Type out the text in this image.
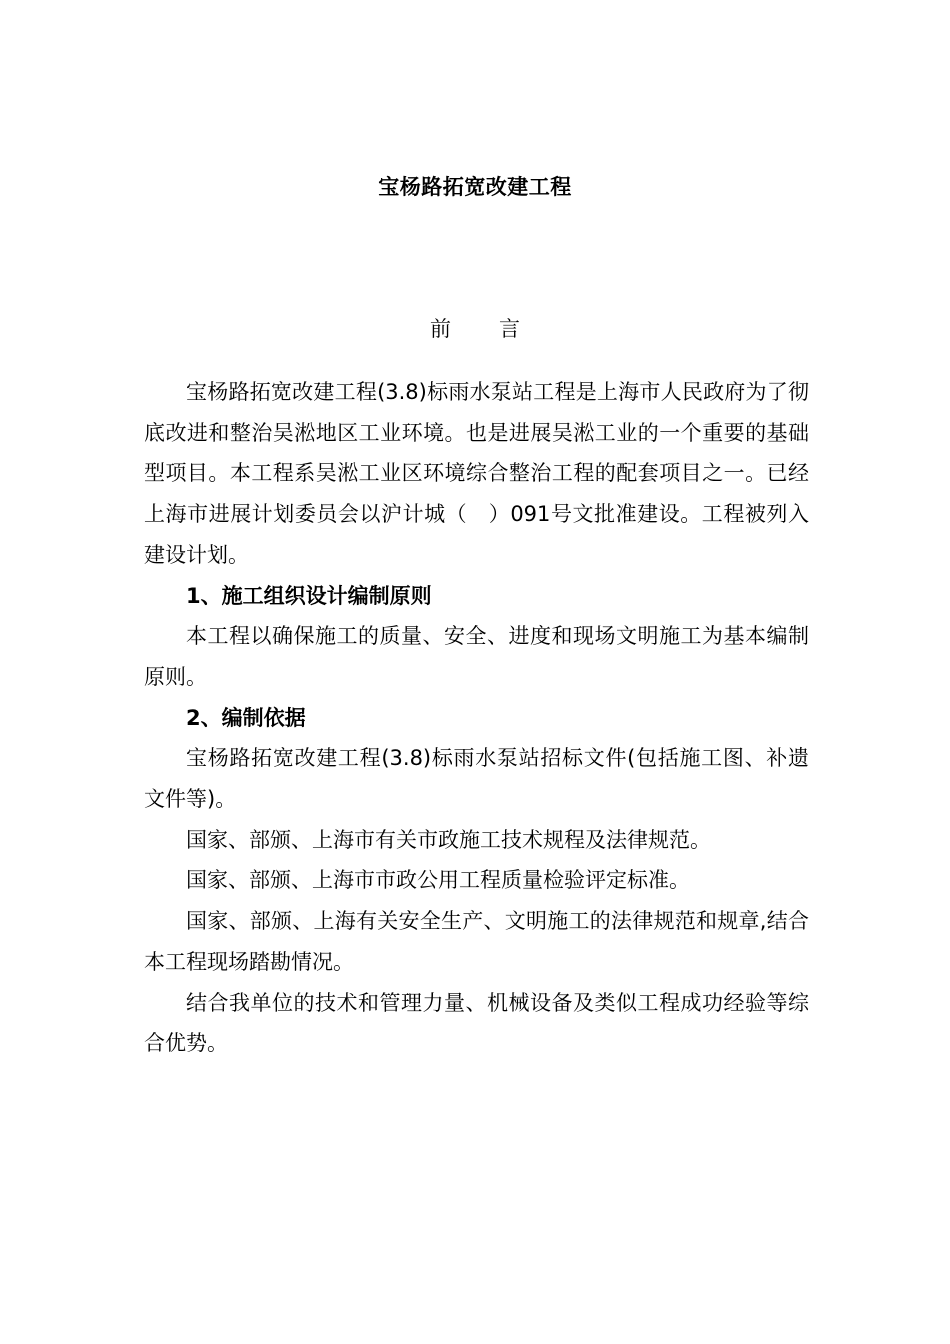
宝杨路拓宽改建工程
前言

宝杨路拓宽改建工程(3.8)标雨水泵站工程是上海市人民政府为了彻底改进和整治吴淞地区工业环境。也是进展吴淞工业的一个重要的基础型项目。本工程系吴淞工业区环境综合整治工程的配套项目之一。已经上海市进展计划委员会以沪计城（　）091号文批准建设。工程被列入 建设计划。

1、施工组织设计编制原则

本工程以确保施工的质量、安全、进度和现场文明施工为基本编制原则。

2、编制依据

宝杨路拓宽改建工程(3.8)标雨水泵站招标文件(包括施工图、补遗文件等)。

国家、部颁、上海市有关市政施工技术规程及法律规范。

国家、部颁、上海市市政公用工程质量检验评定标准。

国家、部颁、上海有关安全生产、文明施工的法律规范和规章,结合本工程现场踏勘情况。

结合我单位的技术和管理力量、机械设备及类似工程成功经验等综合优势。
